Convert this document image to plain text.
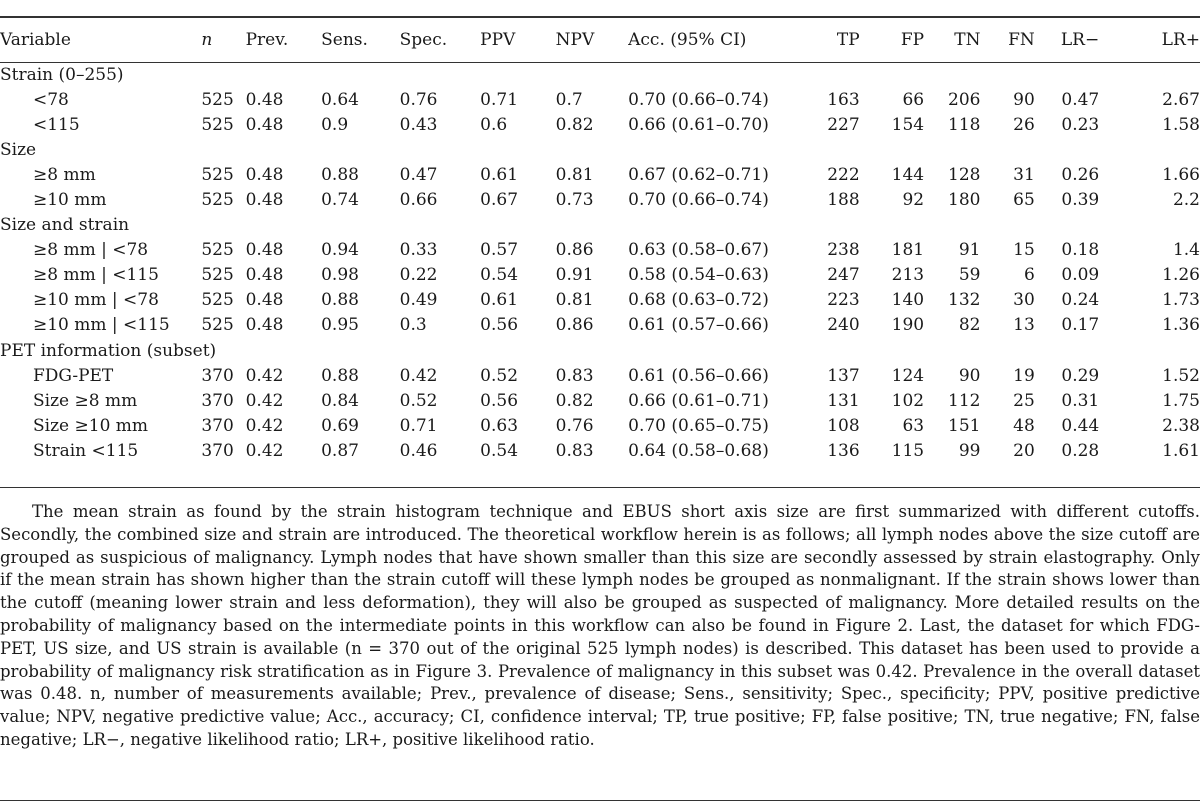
Variable	n	Prev.	Sens.	Spec.	PPV	NPV	Acc. (95% CI)	TP	FP	TN	FN	LR−	LR+
Strain (0–255)													
<78	525	0.48	0.64	0.76	0.71	0.7	0.70 (0.66–0.74)	163	66	206	90	0.47	2.67
<115	525	0.48	0.9	0.43	0.6	0.82	0.66 (0.61–0.70)	227	154	118	26	0.23	1.58
Size													
≥8 mm	525	0.48	0.88	0.47	0.61	0.81	0.67 (0.62–0.71)	222	144	128	31	0.26	1.66
≥10 mm	525	0.48	0.74	0.66	0.67	0.73	0.70 (0.66–0.74)	188	92	180	65	0.39	2.2
Size and strain													
≥8 mm | <78	525	0.48	0.94	0.33	0.57	0.86	0.63 (0.58–0.67)	238	181	91	15	0.18	1.4
≥8 mm | <115	525	0.48	0.98	0.22	0.54	0.91	0.58 (0.54–0.63)	247	213	59	6	0.09	1.26
≥10 mm | <78	525	0.48	0.88	0.49	0.61	0.81	0.68 (0.63–0.72)	223	140	132	30	0.24	1.73
≥10 mm | <115	525	0.48	0.95	0.3	0.56	0.86	0.61 (0.57–0.66)	240	190	82	13	0.17	1.36
PET information (subset)													
FDG-PET	370	0.42	0.88	0.42	0.52	0.83	0.61 (0.56–0.66)	137	124	90	19	0.29	1.52
Size ≥8 mm	370	0.42	0.84	0.52	0.56	0.82	0.66 (0.61–0.71)	131	102	112	25	0.31	1.75
Size ≥10 mm	370	0.42	0.69	0.71	0.63	0.76	0.70 (0.65–0.75)	108	63	151	48	0.44	2.38
Strain <115	370	0.42	0.87	0.46	0.54	0.83	0.64 (0.58–0.68)	136	115	99	20	0.28	1.61

The mean strain as found by the strain histogram technique and EBUS short axis size are first summarized with different cutoffs. Secondly, the combined size and strain are introduced. The theoretical workflow herein is as follows; all lymph nodes above the size cutoff are grouped as suspicious of malignancy. Lymph nodes that have shown smaller than this size are secondly assessed by strain elastography. Only if the mean strain has shown higher than the strain cutoff will these lymph nodes be grouped as nonmalignant. If the strain shows lower than the cutoff (meaning lower strain and less deformation), they will also be grouped as suspected of malignancy. More detailed results on the probability of malignancy based on the intermediate points in this workflow can also be found in Figure 2. Last, the dataset for which FDG-PET, US size, and US strain is available (n = 370 out of the original 525 lymph nodes) is described. This dataset has been used to provide a probability of malignancy risk stratification as in Figure 3. Prevalence of malignancy in this subset was 0.42. Prevalence in the overall dataset was 0.48. n, number of measurements available; Prev., prevalence of disease; Sens., sensitivity; Spec., specificity; PPV, positive predictive value; NPV, negative predictive value; Acc., accuracy; CI, confidence interval; TP, true positive; FP, false positive; TN, true negative; FN, false negative; LR−, negative likelihood ratio; LR+, positive likelihood ratio.
